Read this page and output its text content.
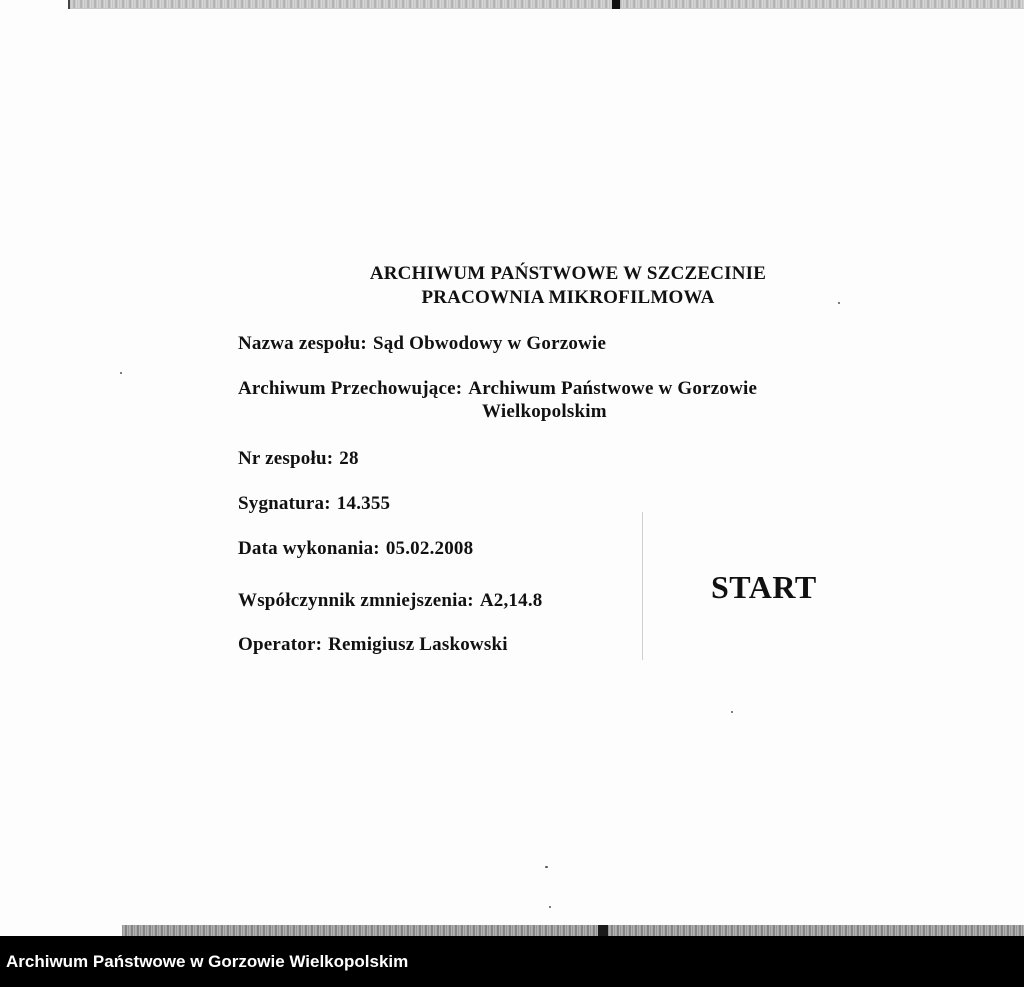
ARCHIWUM PAŃSTWOWE W SZCZECINIE
PRACOWNIA MIKROFILMOWA
Nazwa zespołu: Sąd Obwodowy w Gorzowie
Archiwum Przechowujące: Archiwum Państwowe w Gorzowie
Wielkopolskim
Nr zespołu: 28
Sygnatura: 14.355
Data wykonania: 05.02.2008
Współczynnik zmniejszenia: A2,14.8
Operator: Remigiusz Laskowski
START
Archiwum Państwowe w Gorzowie Wielkopolskim
